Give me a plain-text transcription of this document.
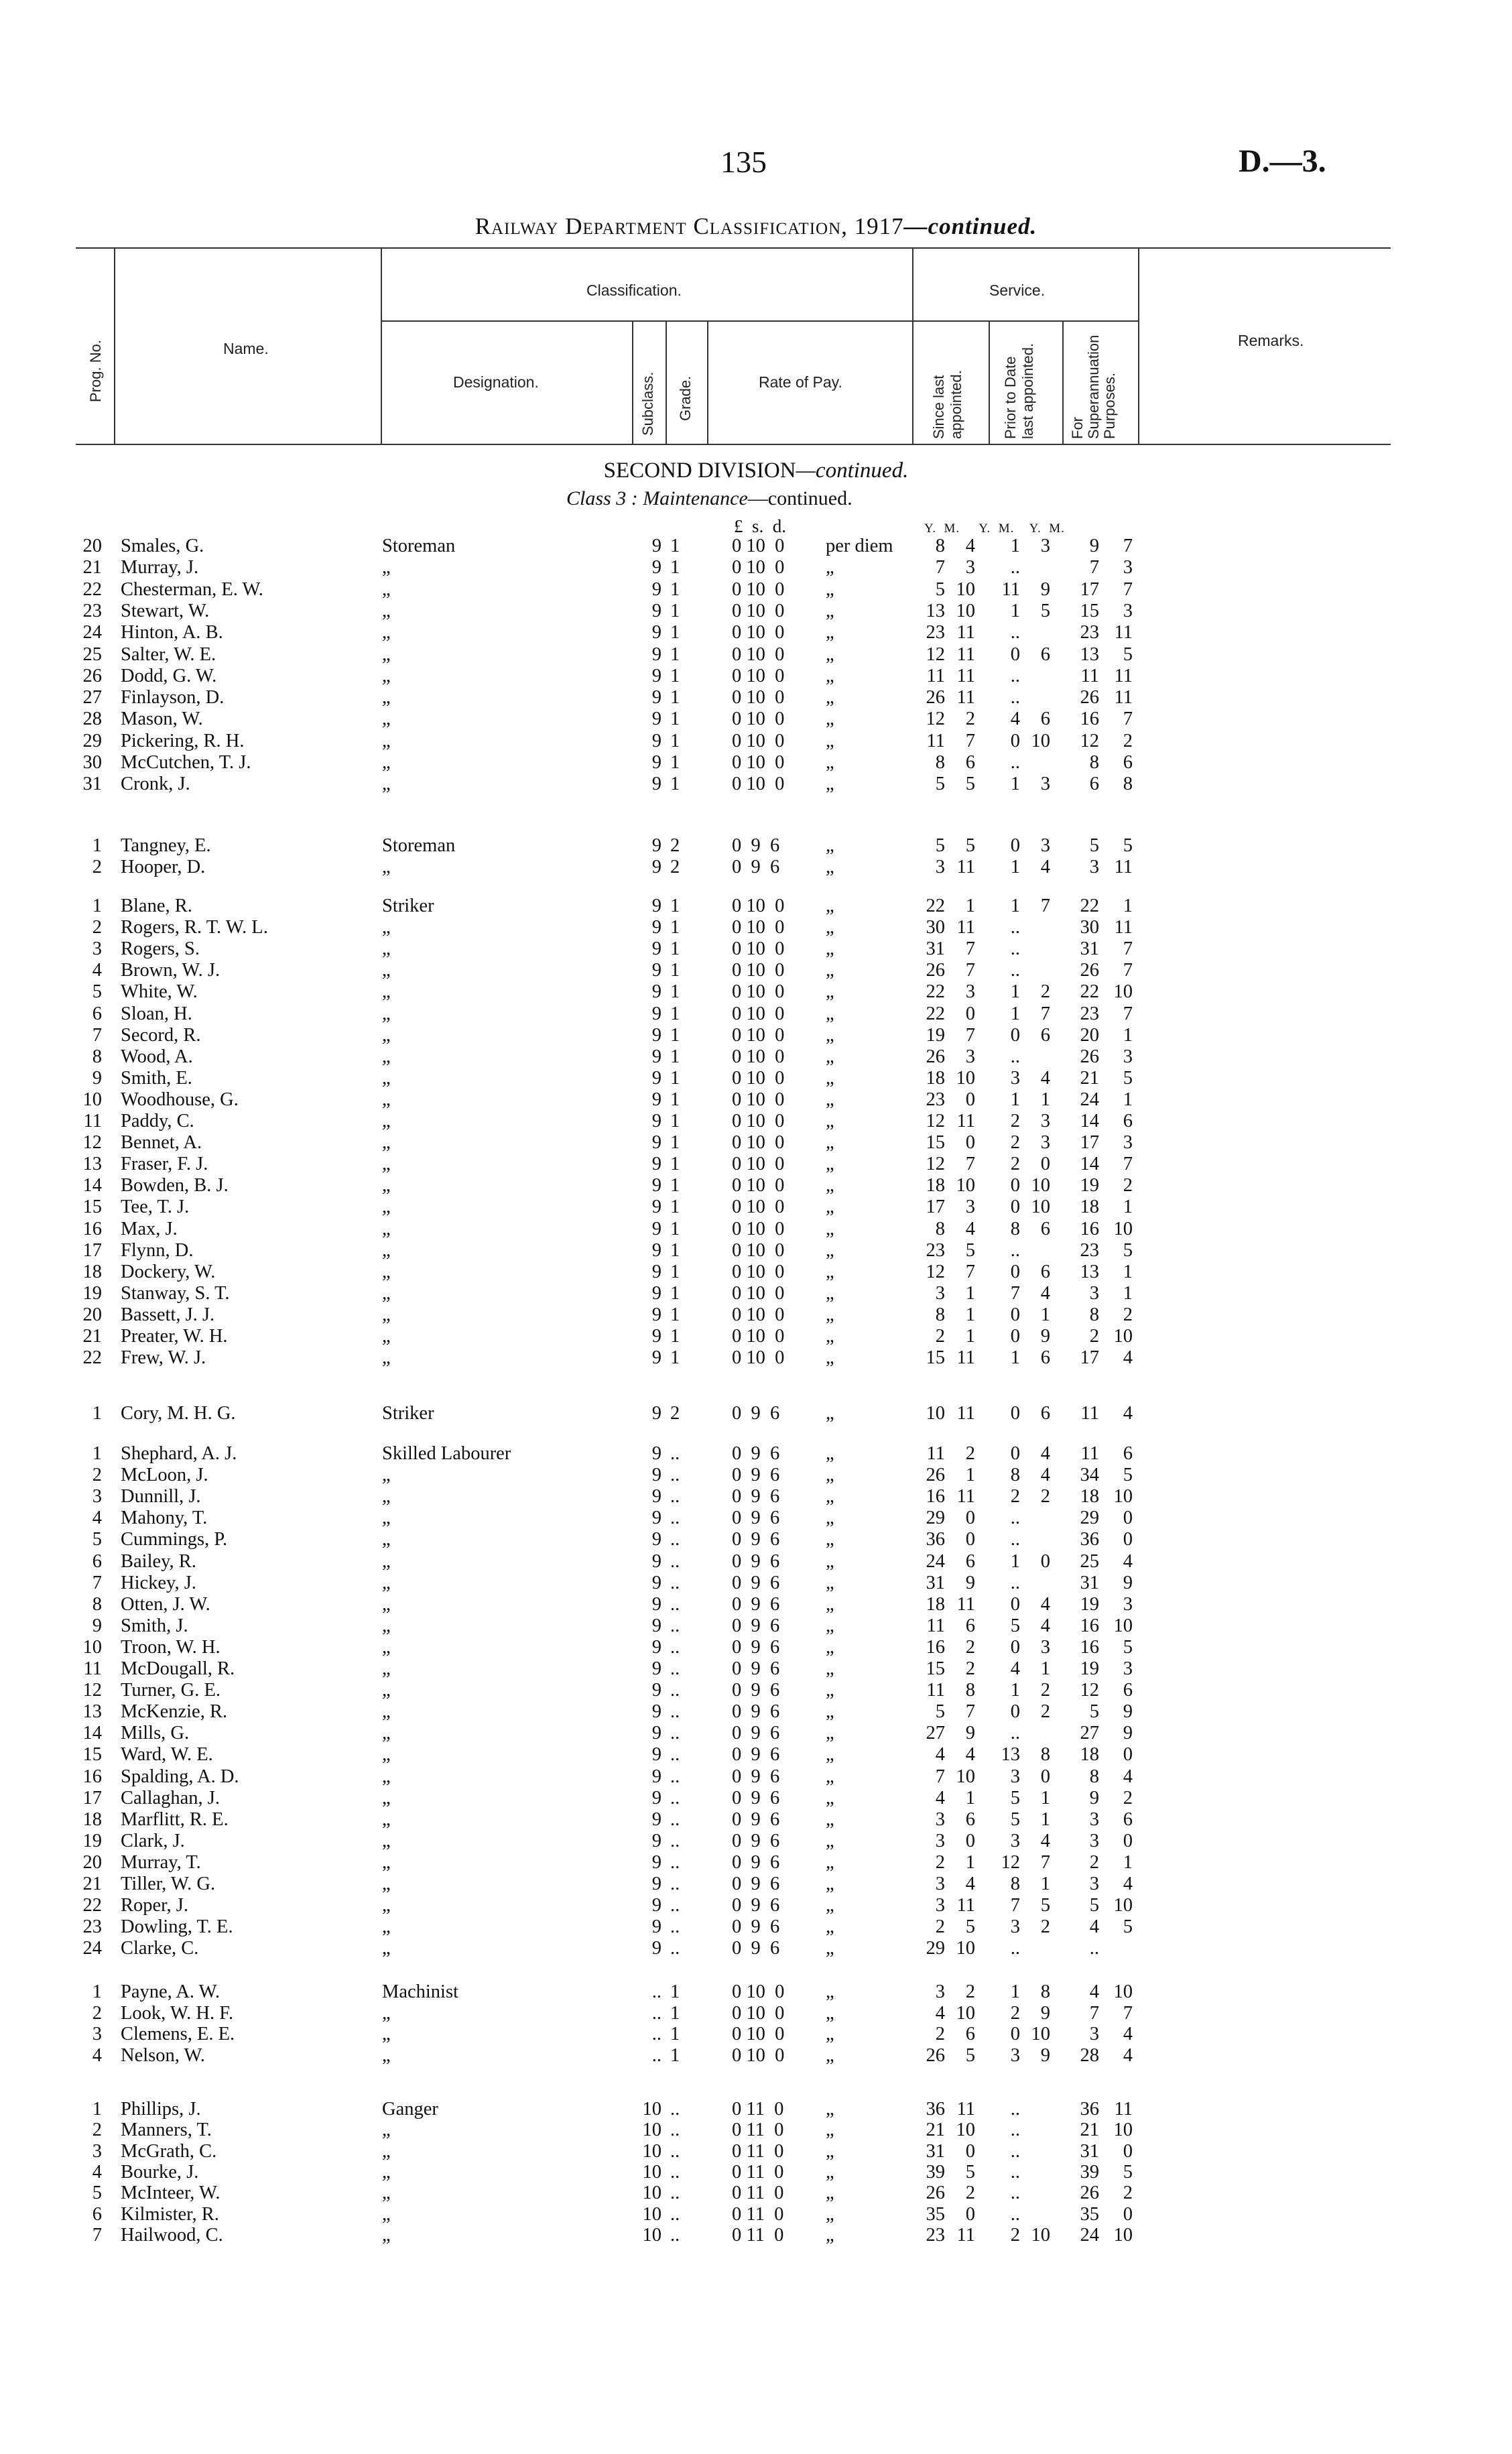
135	D.—3.
Railway Department Classification, 1917—continued.
Prog. No.	Name.
Classification.
Designation.	Subclass. Grade.	Rate of Pay.
Service.
Since last appointed.	Prior to Date last appointed. For Superannuation Purposes.
Remarks.
SECOND DIVISION—continued.
Class 3 : Maintenance—continued.
£  s.  d.	Y.  M.     Y.  M.    Y.  M.
20 Smales, G.	Storeman	9 1	0 10  0	per diem	8	4	1	3	9	7
21 Murray, J.	„	9 1	0 10  0	„	7	3	..	7	3
22 Chesterman, E. W.	„	9 1	0 10  0	„	5 10	11	9	17	7
23 Stewart, W.	„	9 1	0 10  0	„	13 10	1	5	15	3
24 Hinton, A. B.	„	9 1	0 10  0	„	23 11	..	23 11
25 Salter, W. E.	„	9 1	0 10  0	„	12 11	0	6	13	5
26 Dodd, G. W.	„	9 1	0 10  0	„	11 11	..	11 11
27 Finlayson, D.	„	9 1	0 10  0	„	26 11	..	26 11
28 Mason, W.	„	9 1	0 10  0	„	12	2	4	6	16	7
29 Pickering, R. H.	„	9 1	0 10  0	„	11	7	0 10	12	2
30 McCutchen, T. J.	„	9 1	0 10  0	„	8	6	..	8	6
31 Cronk, J.	„	9 1	0 10  0	„	5	5	1	3	6	8
1 Tangney, E.	Storeman	9 2	0  9  6	„	5	5	0	3	5	5
2 Hooper, D.	„	9 2	0  9  6	„	3 11	1	4	3 11
1 Blane, R.	Striker	9 1	0 10  0	„	22	1	1	7	22	1
2 Rogers, R. T. W. L.	„	9 1	0 10  0	„	30 11	..	30 11
3 Rogers, S.	„	9 1	0 10  0	„	31	7	..	31	7
4 Brown, W. J.	„	9 1	0 10  0	„	26	7	..	26	7
5 White, W.	„	9 1	0 10  0	„	22	3	1	2	22 10
6 Sloan, H.	„	9 1	0 10  0	„	22	0	1	7	23	7
7 Secord, R.	„	9 1	0 10  0	„	19	7	0	6	20	1
8 Wood, A.	„	9 1	0 10  0	„	26	3	..	26	3
9 Smith, E.	„	9 1	0 10  0	„	18 10	3	4	21	5
10 Woodhouse, G.	„	9 1	0 10  0	„	23	0	1	1	24	1
11 Paddy, C.	„	9 1	0 10  0	„	12 11	2	3	14	6
12 Bennet, A.	„	9 1	0 10  0	„	15	0	2	3	17	3
13 Fraser, F. J.	„	9 1	0 10  0	„	12	7	2	0	14	7
14 Bowden, B. J.	„	9 1	0 10  0	„	18 10	0 10	19	2
15 Tee, T. J.	„	9 1	0 10  0	„	17	3	0 10	18	1
16 Max, J.	„	9 1	0 10  0	„	8	4	8	6	16 10
17 Flynn, D.	„	9 1	0 10  0	„	23	5	..	23	5
18 Dockery, W.	„	9 1	0 10  0	„	12	7	0	6	13	1
19 Stanway, S. T.	„	9 1	0 10  0	„	3	1	7	4	3	1
20 Bassett, J. J.	„	9 1	0 10  0	„	8	1	0	1	8	2
21 Preater, W. H.	„	9 1	0 10  0	„	2	1	0	9	2 10
22 Frew, W. J.	„	9 1	0 10  0	„	15 11	1	6	17	4
1 Cory, M. H. G.	Striker	9 2	0  9  6	„	10 11	0	6	11	4
1 Shephard, A. J.	Skilled Labourer	9 ..	0  9  6	„	11	2	0	4	11	6
2 McLoon, J.	„	9 ..	0  9  6	„	26	1	8	4	34	5
3 Dunnill, J.	„	9 ..	0  9  6	„	16 11	2	2	18 10
4 Mahony, T.	„	9 ..	0  9  6	„	29	0	..	29	0
5 Cummings, P.	„	9 ..	0  9  6	„	36	0	..	36	0
6 Bailey, R.	„	9 ..	0  9  6	„	24	6	1	0	25	4
7 Hickey, J.	„	9 ..	0  9  6	„	31	9	..	31	9
8 Otten, J. W.	„	9 ..	0  9  6	„	18 11	0	4	19	3
9 Smith, J.	„	9 ..	0  9  6	„	11	6	5	4	16 10
10 Troon, W. H.	„	9 ..	0  9  6	„	16	2	0	3	16	5
11 McDougall, R.	„	9 ..	0  9  6	„	15	2	4	1	19	3
12 Turner, G. E.	„	9 ..	0  9  6	„	11	8	1	2	12	6
13 McKenzie, R.	„	9 ..	0  9  6	„	5	7	0	2	5	9
14 Mills, G.	„	9 ..	0  9  6	„	27	9	..	27	9
15 Ward, W. E.	„	9 ..	0  9  6	„	4	4	13	8	18	0
16 Spalding, A. D.	„	9 ..	0  9  6	„	7 10	3	0	8	4
17 Callaghan, J.	„	9 ..	0  9  6	„	4	1	5	1	9	2
18 Marflitt, R. E.	„	9 ..	0  9  6	„	3	6	5	1	3	6
19 Clark, J.	„	9 ..	0  9  6	„	3	0	3	4	3	0
20 Murray, T.	„	9 ..	0  9  6	„	2	1	12	7	2	1
21 Tiller, W. G.	„	9 ..	0  9  6	„	3	4	8	1	3	4
22 Roper, J.	„	9 ..	0  9  6	„	3 11	7	5	5 10
23 Dowling, T. E.	„	9 ..	0  9  6	„	2	5	3	2	4	5
24 Clarke, C.	„	9 ..	0  9  6	„	29 10	..	..
1 Payne, A. W.	Machinist	.. 1	0 10  0	„	3	2	1	8	4 10
2 Look, W. H. F.	„	.. 1	0 10  0	„	4 10	2	9	7	7
3 Clemens, E. E.	„	.. 1	0 10  0	„	2	6	0 10	3	4
4 Nelson, W.	„	.. 1	0 10  0	„	26	5	3	9	28	4
1 Phillips, J.	Ganger	10 ..	0 11  0	„	36 11	..	36 11
2 Manners, T.	„	10 ..	0 11  0	„	21 10	..	21 10
3 McGrath, C.	„	10 ..	0 11  0	„	31	0	..	31	0
4 Bourke, J.	„	10 ..	0 11  0	„	39	5	..	39	5
5 McInteer, W.	„	10 ..	0 11  0	„	26	2	..	26	2
6 Kilmister, R.	„	10 ..	0 11  0	„	35	0	..	35	0
7 Hailwood, C.	„	10 ..	0 11  0	„	23 11	2 10	24 10
